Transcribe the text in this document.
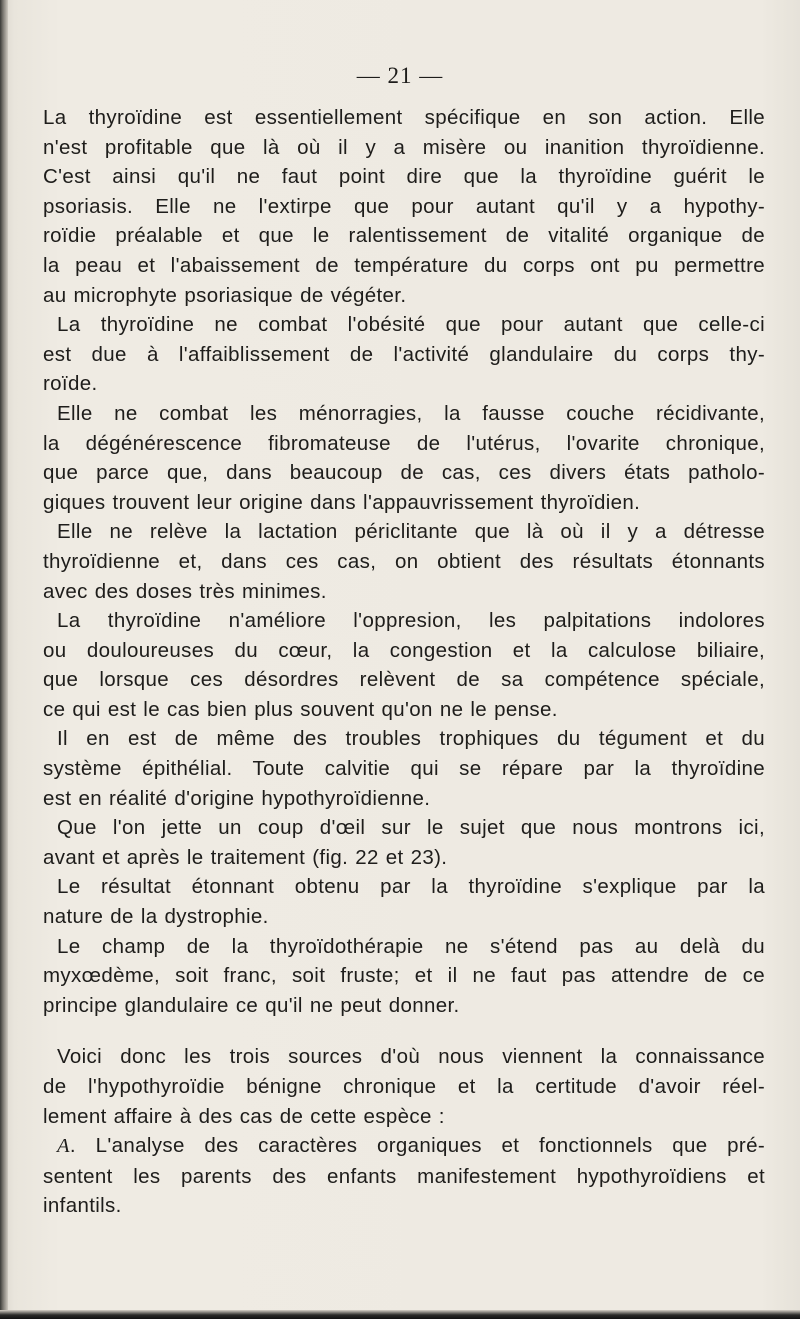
— 21 —

La thyroïdine est essentiellement spécifique en son action. Elle
n'est profitable que là où il y a misère ou inanition thyroïdienne.
C'est ainsi qu'il ne faut point dire que la thyroïdine guérit le
psoriasis. Elle ne l'extirpe que pour autant qu'il y a hypothy-
roïdie préalable et que le ralentissement de vitalité organique de
la peau et l'abaissement de température du corps ont pu permettre
au microphyte psoriasique de végéter.

La thyroïdine ne combat l'obésité que pour autant que celle-ci
est due à l'affaiblissement de l'activité glandulaire du corps thy-
roïde.

Elle ne combat les ménorragies, la fausse couche récidivante,
la dégénérescence fibromateuse de l'utérus, l'ovarite chronique,
que parce que, dans beaucoup de cas, ces divers états patholo-
giques trouvent leur origine dans l'appauvrissement thyroïdien.

Elle ne relève la lactation périclitante que là où il y a détresse
thyroïdienne et, dans ces cas, on obtient des résultats étonnants
avec des doses très minimes.

La thyroïdine n'améliore l'oppresion, les palpitations indolores
ou douloureuses du cœur, la congestion et la calculose biliaire,
que lorsque ces désordres relèvent de sa compétence spéciale,
ce qui est le cas bien plus souvent qu'on ne le pense.

Il en est de même des troubles trophiques du tégument et du
système épithélial. Toute calvitie qui se répare par la thyroïdine
est en réalité d'origine hypothyroïdienne.

Que l'on jette un coup d'œil sur le sujet que nous montrons ici,
avant et après le traitement (fig. 22 et 23).

Le résultat étonnant obtenu par la thyroïdine s'explique par la
nature de la dystrophie.

Le champ de la thyroïdothérapie ne s'étend pas au delà du
myxœdème, soit franc, soit fruste; et il ne faut pas attendre de ce
principe glandulaire ce qu'il ne peut donner.

Voici donc les trois sources d'où nous viennent la connaissance
de l'hypothyroïdie bénigne chronique et la certitude d'avoir réel-
lement affaire à des cas de cette espèce :

A. L'analyse des caractères organiques et fonctionnels que pré-
sentent les parents des enfants manifestement hypothyroïdiens et
infantils.
